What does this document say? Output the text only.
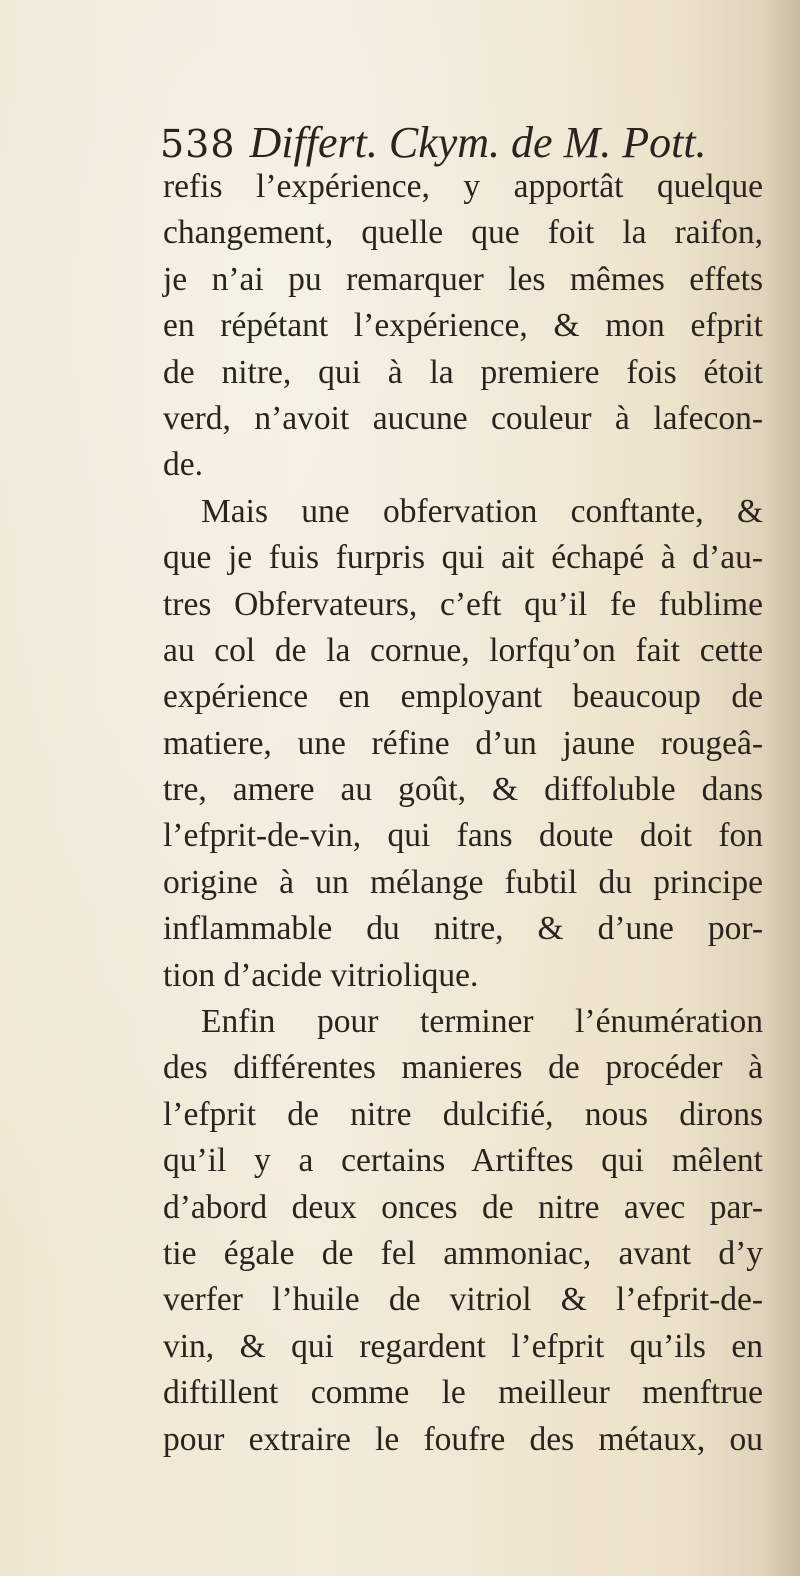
538 Differt. Ckym. de M. Pott.
refis l’expérience, y apportât quelque
changement, quelle que foit la raifon,
je n’ai pu remarquer les mêmes effets
en répétant l’expérience, & mon efprit
de nitre, qui à la premiere fois étoit
verd, n’avoit aucune couleur à lafecon-
de.
Mais une obfervation conftante, &
que je fuis furpris qui ait échapé à d’au-
tres Obfervateurs, c’eft qu’il fe fublime
au col de la cornue, lorfqu’on fait cette
expérience en employant beaucoup de
matiere, une réfine d’un jaune rougeâ-
tre, amere au goût, & diffoluble dans
l’efprit-de-vin, qui fans doute doit fon
origine à un mélange fubtil du principe
inflammable du nitre, & d’une por-
tion d’acide vitriolique.
Enfin pour terminer l’énumération
des différentes manieres de procéder à
l’efprit de nitre dulcifié, nous dirons
qu’il y a certains Artiftes qui mêlent
d’abord deux onces de nitre avec par-
tie égale de fel ammoniac, avant d’y
verfer l’huile de vitriol & l’efprit-de-
vin, & qui regardent l’efprit qu’ils en
diftillent comme le meilleur menftrue
pour extraire le foufre des métaux, ou
